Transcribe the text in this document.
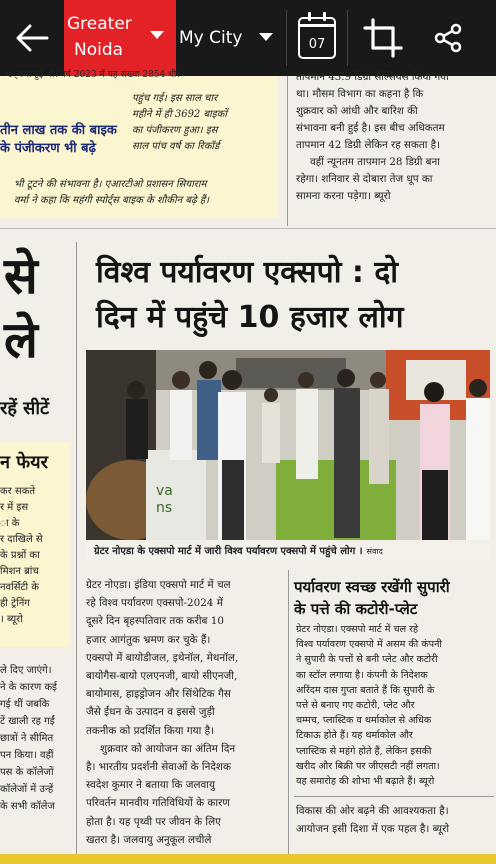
Greater
Noida
My City	07
ч्पन्स हुई थी। वर्ष 2023 में यह संख्या 2854 थी।
तीन लाख तक की बाइक
के पंजीकरण भी बढ़े
पहुंच गई। इस साल चार
महीने में ही 3692 बाइकों
का पंजीकरण हुआ। इस
साल पांच वर्ष का रिकॉर्ड
भी टूटने की संभावना है। एआरटीओ प्रशासन सियाराम
वर्मा ने कहा कि महंगी स्पोर्ट्स बाइक के शौकीन बढ़े हैं।
तापमान 43.9 डिग्री सेल्सियस किया गया
था। मौसम विभाग का कहना है कि
शुक्रवार को आंधी और बारिश की
संभावना बनी हुई है। इस बीच अधिकतम
तापमान 42 डिग्री लेकिन रह सकता है।
वहीं न्यूनतम तापमान 28 डिग्री बना
रहेगा। शनिवार से दोबारा तेज धूप का
सामना करना पड़ेगा। ब्यूरो
से
ले
रहें सीटें
न फेयर
कर सकते
र में इस
ा के
र दाखिले से
के प्रश्नों का
मिशन ब्रांच
नवर्सिटी के
ही ट्रेनिंग
। ब्यूरो
ले दिए जाएंगे।
ने के कारण कई
गई थीं जबकि
टें खाली रह गईं
छात्रों ने सीमित
पन किया। वहीं
पस के कॉलेजों
कॉलेजों में उन्हें
के सभी कॉलेज
विश्व पर्यावरण एक्सपो : दो
दिन में पहुंचे 10 हजार लोग
va
ns
ग्रेटर नोएडा के एक्सपो मार्ट में जारी विश्व पर्यावरण एक्सपो में पहुंचे लोग । संवाद
ग्रेटर नोएडा। इंडिया एक्सपो मार्ट में चल
रहे विश्व पर्यावरण एक्सपो-2024 में
दूसरे दिन बृहस्पतिवार तक करीब 10
हजार आगंतुक भ्रमण कर चुके हैं।
एक्सपो में बायोडीजल, इथेनॉल, मेथनॉल,
बायोगैस-बायो एलएनजी, बायो सीएनजी,
बायोमास, हाइड्रोजन और सिंथेटिक गैस
जैसे ईंधन के उत्पादन व इससे जुड़ी
तकनीक को प्रदर्शित किया गया है।
शुक्रवार को आयोजन का अंतिम दिन
है। भारतीय प्रदर्शनी सेवाओं के निदेशक
स्वदेश कुमार ने बताया कि जलवायु
परिवर्तन मानवीय गतिविधियों के कारण
होता है। यह पृथ्वी पर जीवन के लिए
खतरा है। जलवायु अनुकूल लचीले
पर्यावरण स्वच्छ रखेंगी सुपारी
के पत्ते की कटोरी-प्लेट
ग्रेटर नोएडा। एक्सपो मार्ट में चल रहे
विश्व पर्यावरण एक्सपो में असम की कंपनी
ने सुपारी के पत्तों से बनी प्लेट और कटोरी
का स्टॉल लगाया है। कंपनी के निदेशक
अरिंदम दास गुप्ता बताते हैं कि सुपारी के
पत्ते से बनाए गए कटोरी, प्लेट और
चम्मच, प्लास्टिक व थर्माकोल से अधिक
टिकाऊ होते हैं। यह थर्माकोल और
प्लास्टिक से महंगे होते हैं, लेकिन इसकी
खरीद और बिक्री पर जीएसटी नहीं लगता।
यह समारोह की शोभा भी बढ़ाते हैं। ब्यूरो
विकास की ओर बढ़ने की आवश्यकता है।
आयोजन इसी दिशा में एक पहल है। ब्यूरो
